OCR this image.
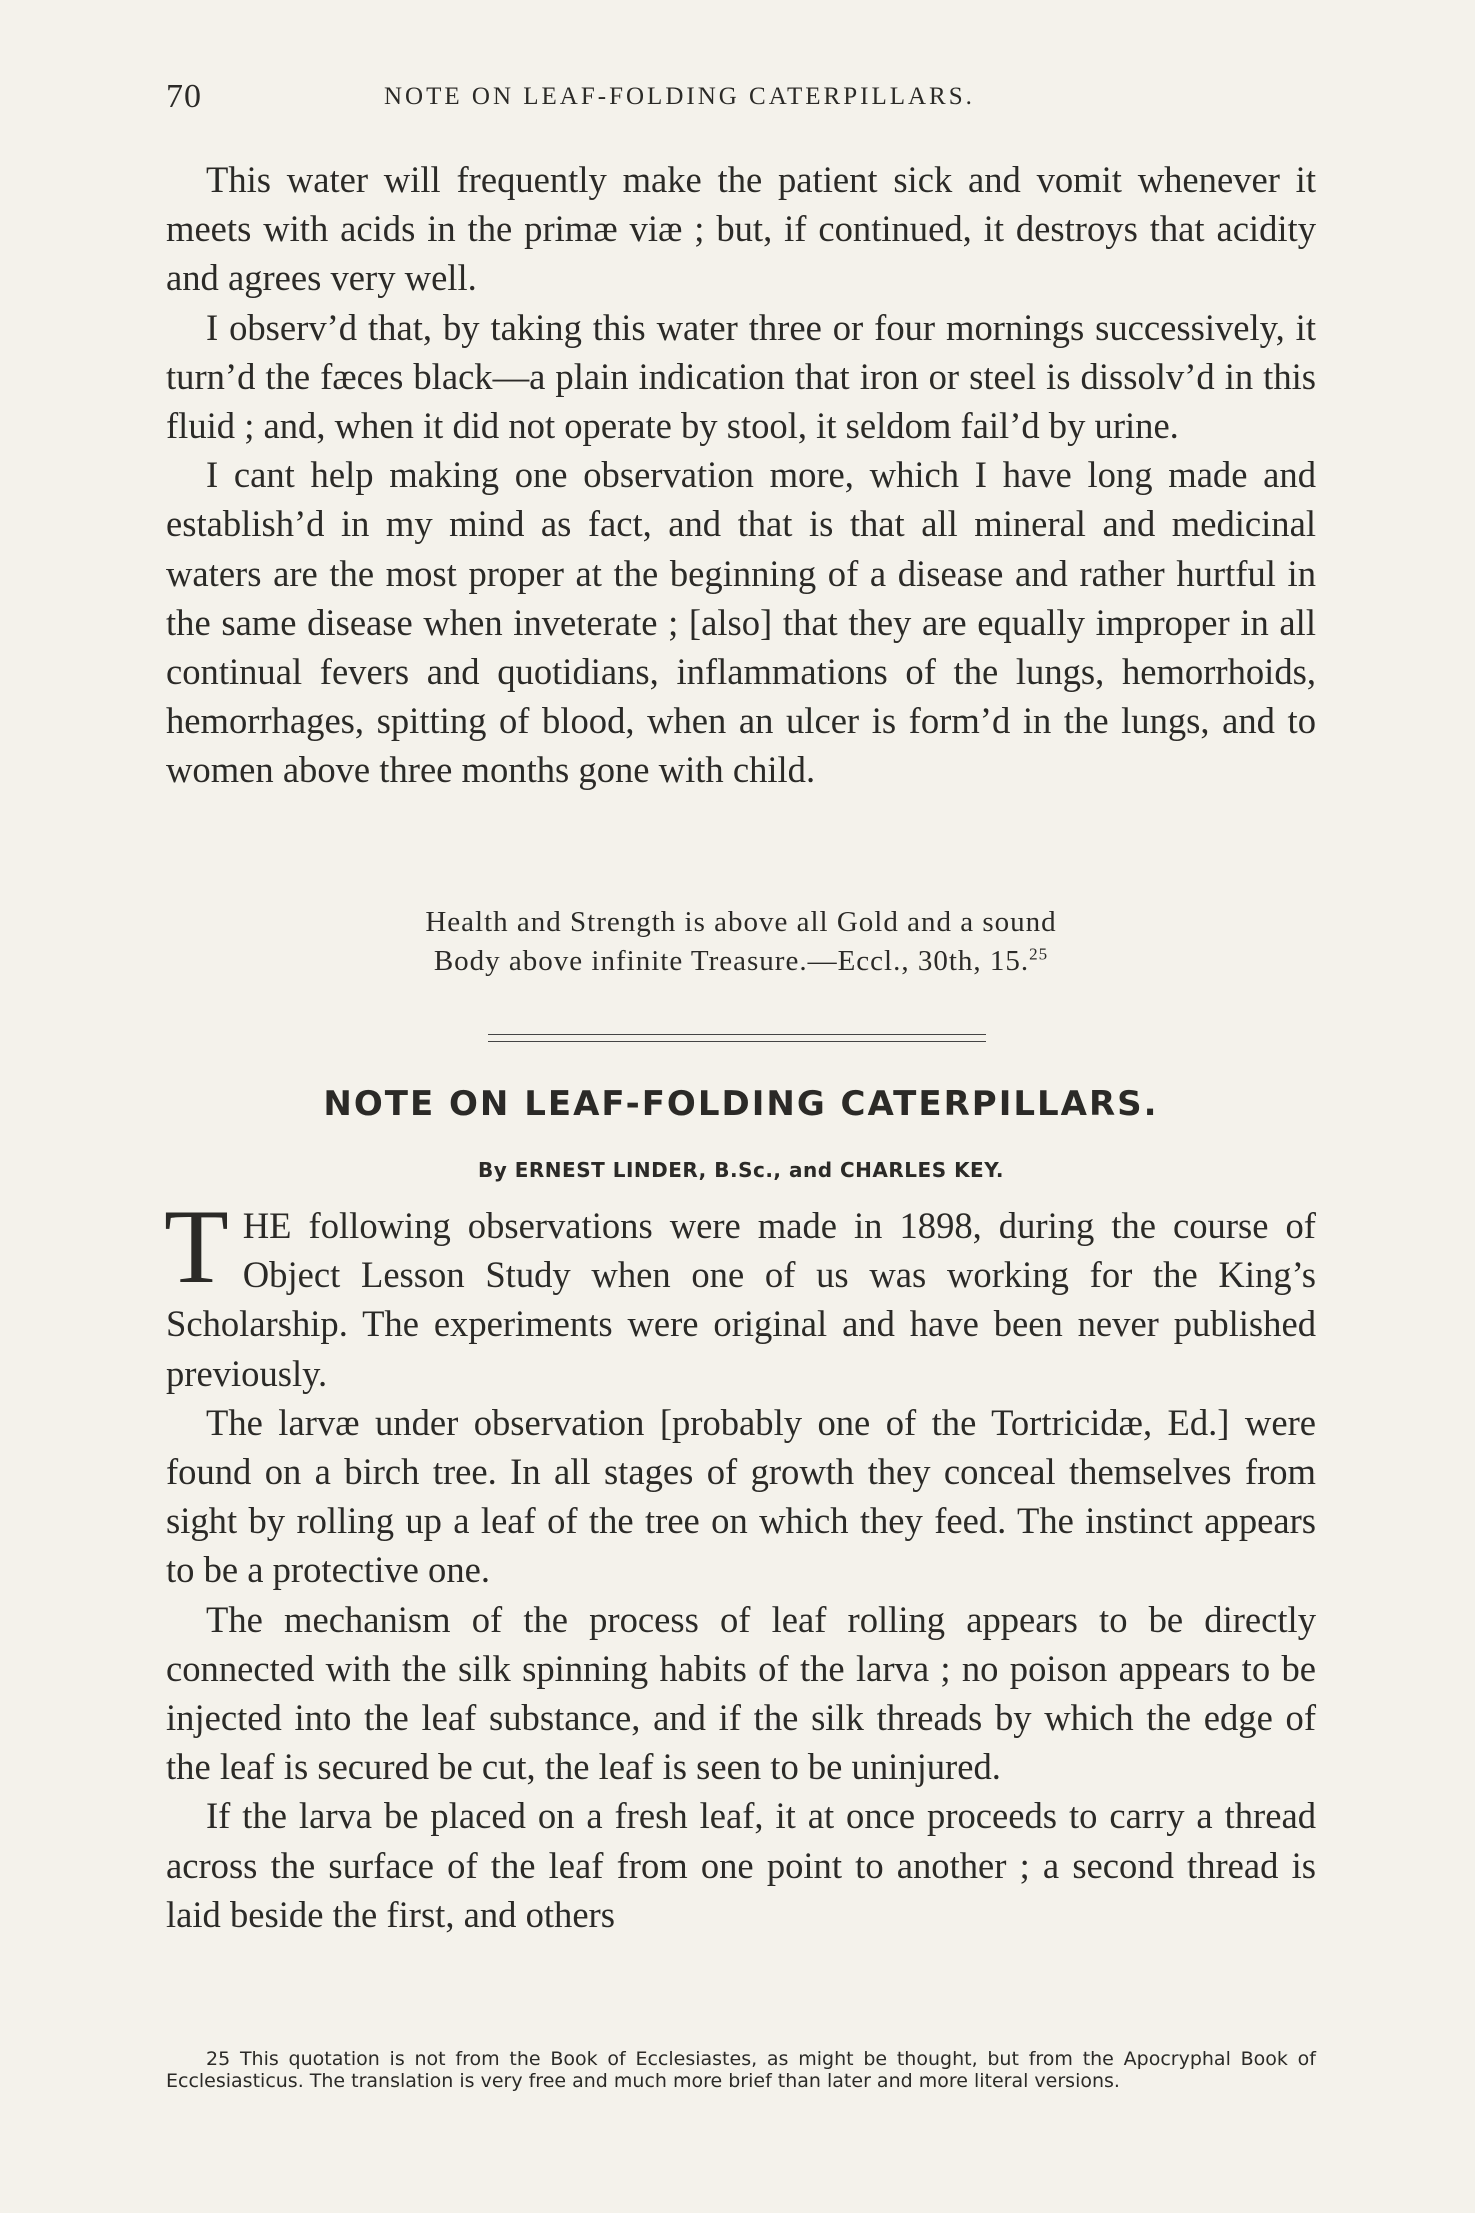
70	NOTE ON LEAF-FOLDING CATERPILLARS.

This water will frequently make the patient sick and vomit whenever it meets with acids in the primæ viæ ; but, if continued, it destroys that acidity and agrees very well.

I observ’d that, by taking this water three or four mornings successively, it turn’d the fæces black—a plain indication that iron or steel is dissolv’d in this fluid ; and, when it did not operate by stool, it seldom fail’d by urine.

I cant help making one observation more, which I have long made and establish’d in my mind as fact, and that is that all mineral and medicinal waters are the most proper at the beginning of a disease and rather hurtful in the same disease when inveterate ; [also] that they are equally improper in all continual fevers and quotidians, inflammations of the lungs, hemorrhoids, hemorrhages, spitting of blood, when an ulcer is form’d in the lungs, and to women above three months gone with child.

Health and Strength is above all Gold and a sound
Body above infinite Treasure.—Eccl., 30th, 15.25
NOTE ON LEAF-FOLDING CATERPILLARS.
By ERNEST LINDER, B.Sc., and CHARLES KEY.

THE following observations were made in 1898, during the course of Object Lesson Study when one of us was working for the King’s Scholarship. The experiments were original and have been never published previously.

The larvæ under observation [probably one of the Tortricidæ, Ed.] were found on a birch tree. In all stages of growth they conceal themselves from sight by rolling up a leaf of the tree on which they feed. The instinct appears to be a protective one.

The mechanism of the process of leaf rolling appears to be directly connected with the silk spinning habits of the larva ; no poison appears to be injected into the leaf substance, and if the silk threads by which the edge of the leaf is secured be cut, the leaf is seen to be uninjured.

If the larva be placed on a fresh leaf, it at once proceeds to carry a thread across the surface of the leaf from one point to another ; a second thread is laid beside the first, and others

25 This quotation is not from the Book of Ecclesiastes, as might be thought, but from the Apocryphal Book of Ecclesiasticus. The translation is very free and much more brief than later and more literal versions.
